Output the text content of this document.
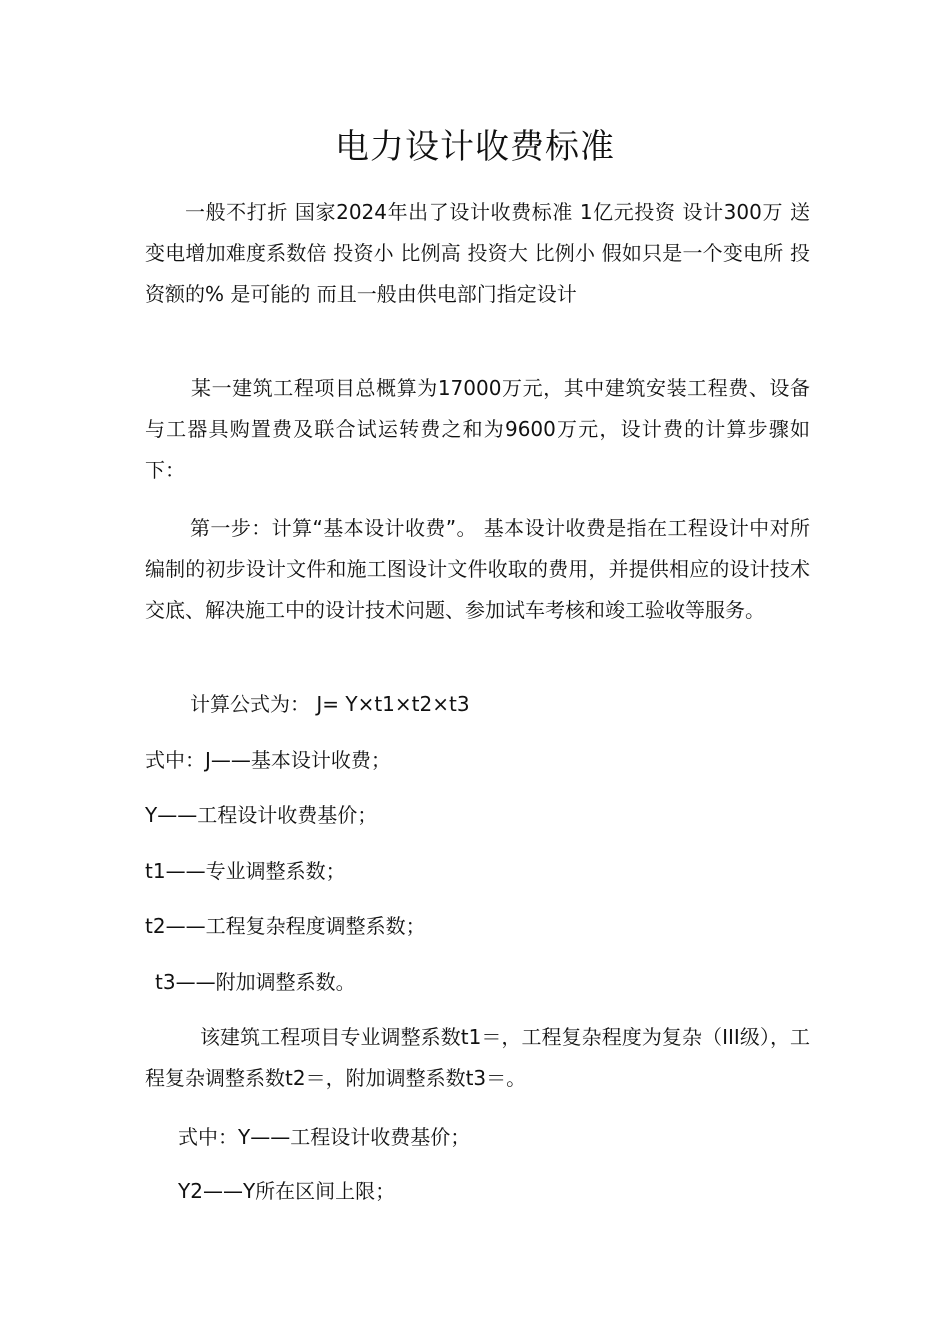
电力设计收费标准

一般不打折 国家2024年出了设计收费标准 1亿元投资 设计300万 送变电增加难度系数倍 投资小 比例高 投资大 比例小 假如只是一个变电所 投资额的% 是可能的 而且一般由供电部门指定设计

某一建筑工程项目总概算为17000万元，其中建筑安装工程费、设备与工器具购置费及联合试运转费之和为9600万元，设计费的计算步骤如下：

第一步：计算“基本设计收费”。 基本设计收费是指在工程设计中对所编制的初步设计文件和施工图设计文件收取的费用，并提供相应的设计技术交底、解决施工中的设计技术问题、参加试车考核和竣工验收等服务。

计算公式为： J= Y×t1×t2×t3
式中：J——基本设计收费；
Y——工程设计收费基价；
t1——专业调整系数；
t2——工程复杂程度调整系数；
t3——附加调整系数。

该建筑工程项目专业调整系数t1＝，工程复杂程度为复杂（III级），工程复杂调整系数t2＝，附加调整系数t3＝。

式中：Y——工程设计收费基价；
Y2——Y所在区间上限；
